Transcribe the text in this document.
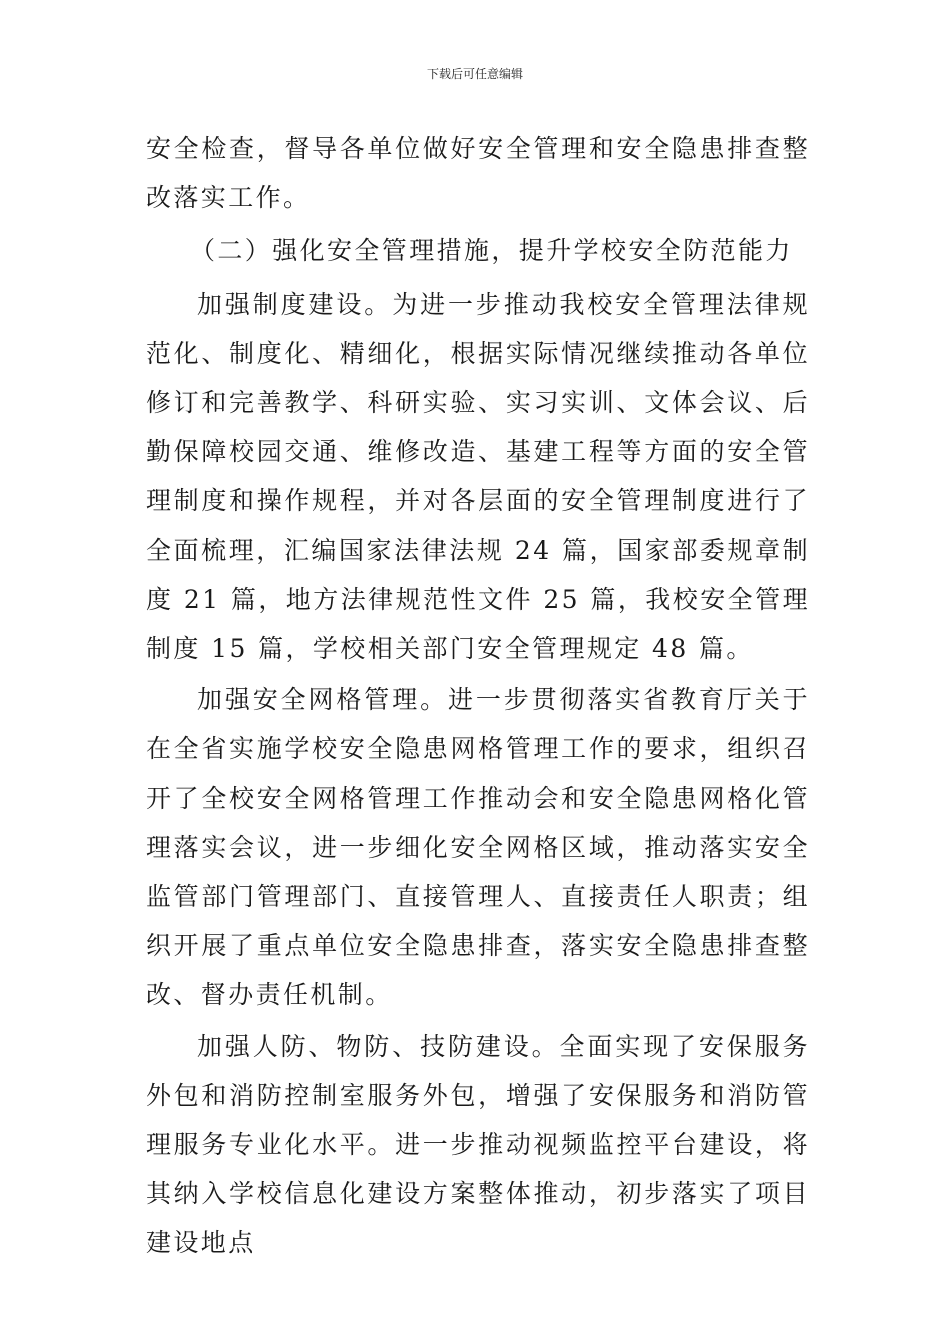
下载后可任意编辑

安全检查，督导各单位做好安全管理和安全隐患排查整改落实工作。

（二）强化安全管理措施，提升学校安全防范能力

加强制度建设。为进一步推动我校安全管理法律规范化、制度化、精细化，根据实际情况继续推动各单位修订和完善教学、科研实验、实习实训、文体会议、后勤保障校园交通、维修改造、基建工程等方面的安全管理制度和操作规程，并对各层面的安全管理制度进行了全面梳理，汇编国家法律法规 24 篇，国家部委规章制度 21 篇，地方法律规范性文件 25 篇，我校安全管理制度 15 篇，学校相关部门安全管理规定 48 篇。

加强安全网格管理。进一步贯彻落实省教育厅关于在全省实施学校安全隐患网格管理工作的要求，组织召开了全校安全网格管理工作推动会和安全隐患网格化管理落实会议，进一步细化安全网格区域，推动落实安全监管部门管理部门、直接管理人、直接责任人职责；组织开展了重点单位安全隐患排查，落实安全隐患排查整改、督办责任机制。

加强人防、物防、技防建设。全面实现了安保服务外包和消防控制室服务外包，增强了安保服务和消防管理服务专业化水平。进一步推动视频监控平台建设，将其纳入学校信息化建设方案整体推动，初步落实了项目建设地点
